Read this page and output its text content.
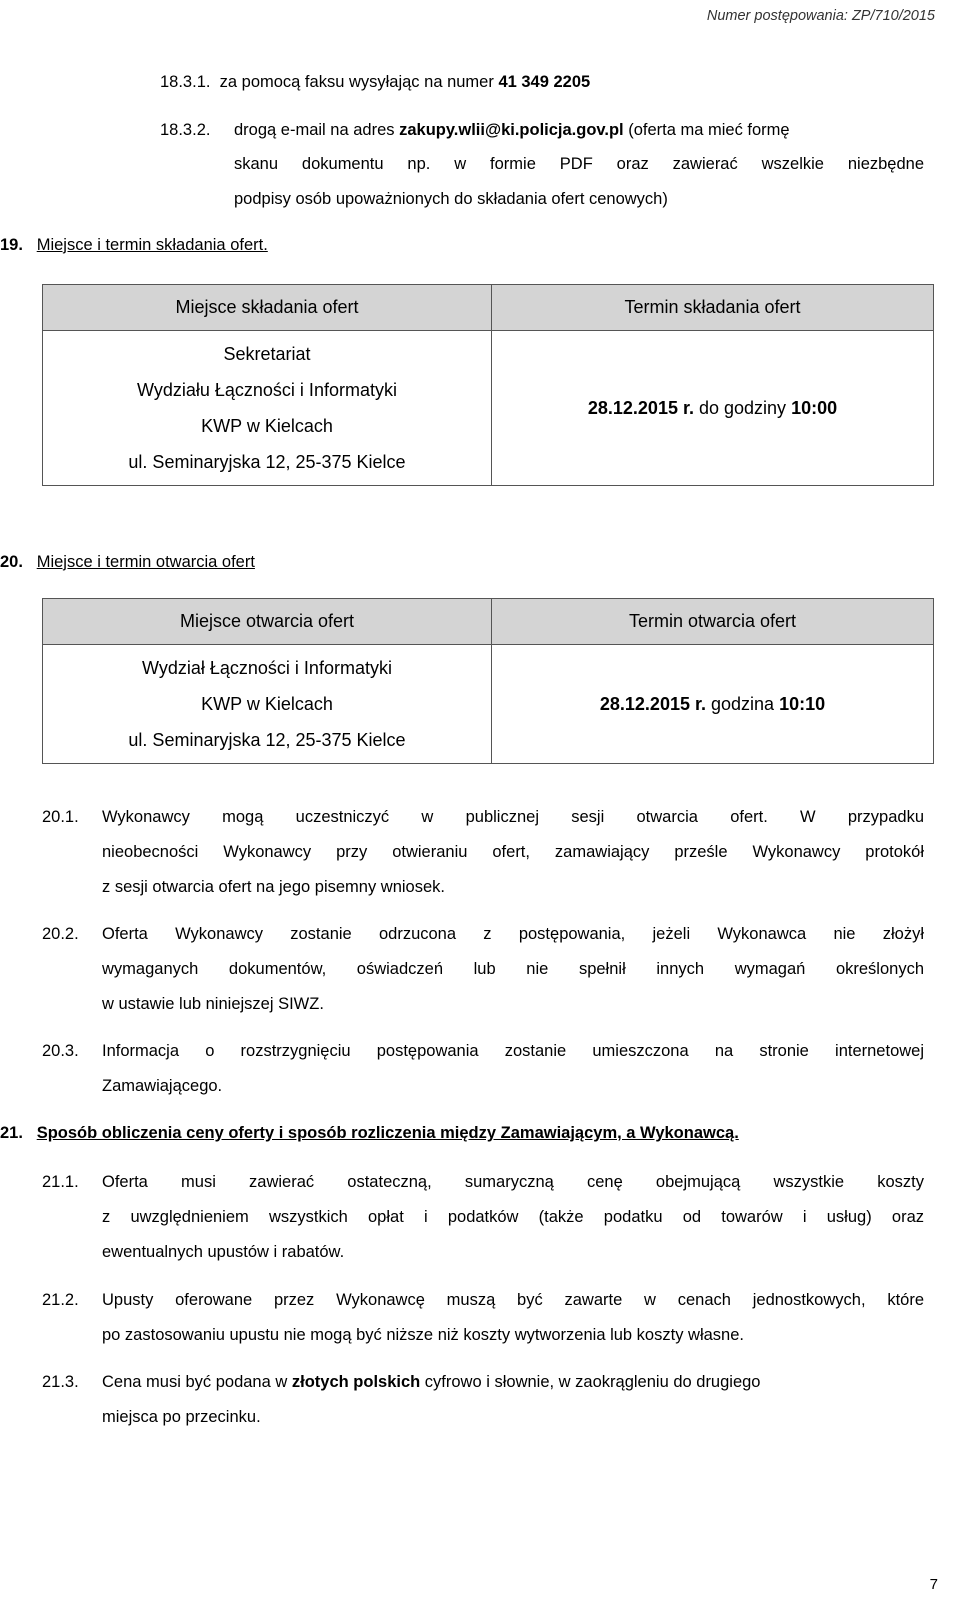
Numer postępowania: ZP/710/2015
18.3.1. za pomocą faksu wysyłając na numer 41 349 2205
18.3.2. drogą e-mail na adres zakupy.wlii@ki.policja.gov.pl (oferta ma mieć formę
skanu dokumentu np. w formie PDF oraz zawierać wszelkie niezbędne
podpisy osób upoważnionych do składania ofert cenowych)
19. Miejsce i termin składania ofert.
Miejsce składania ofert	Termin składania ofert

Sekretariat
Wydziału Łączności i Informatyki
KWP w Kielcach
ul. Seminaryjska 12, 25-375 Kielce	28.12.2015 r. do godziny 10:00
20. Miejsce i termin otwarcia ofert
Miejsce otwarcia ofert	Termin otwarcia ofert

Wydział Łączności i Informatyki
KWP w Kielcach
ul. Seminaryjska 12, 25-375 Kielce	28.12.2015 r. godzina 10:10
20.1. Wykonawcy mogą uczestniczyć w publicznej sesji otwarcia ofert. W przypadku
nieobecności Wykonawcy przy otwieraniu ofert, zamawiający prześle Wykonawcy protokół
z sesji otwarcia ofert na jego pisemny wniosek.
20.2. Oferta Wykonawcy zostanie odrzucona z postępowania, jeżeli Wykonawca nie złożył
wymaganych dokumentów, oświadczeń lub nie spełnił innych wymagań określonych
w ustawie lub niniejszej SIWZ.
20.3. Informacja o rozstrzygnięciu postępowania zostanie umieszczona na stronie internetowej
Zamawiającego.
21. Sposób obliczenia ceny oferty i sposób rozliczenia między Zamawiającym, a Wykonawcą.
21.1. Oferta musi zawierać ostateczną, sumaryczną cenę obejmującą wszystkie koszty
z uwzględnieniem wszystkich opłat i podatków (także podatku od towarów i usług) oraz
ewentualnych upustów i rabatów.
21.2. Upusty oferowane przez Wykonawcę muszą być zawarte w cenach jednostkowych, które
po zastosowaniu upustu nie mogą być niższe niż koszty wytworzenia lub koszty własne.
21.3. Cena musi być podana w złotych polskich cyfrowo i słownie, w zaokrągleniu do drugiego
miejsca po przecinku.
7
